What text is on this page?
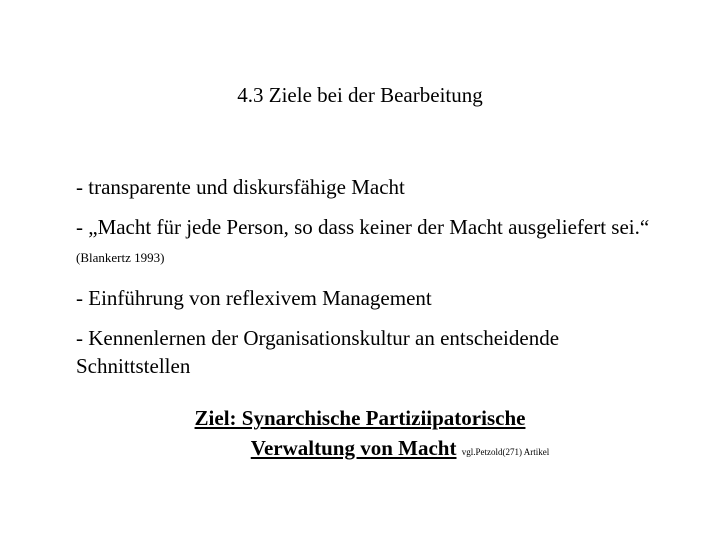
4.3 Ziele bei der Bearbeitung
- transparente und diskursfähige Macht
- „Macht für jede Person, so dass keiner der Macht ausgeliefert sei.“ (Blankertz 1993)
- Einführung von reflexivem Management
- Kennenlernen der Organisationskultur an entscheidende Schnittstellen
Ziel: Synarchische Partiziipatorische
Verwaltung von Macht vgl.Petzold(271) Artikel
